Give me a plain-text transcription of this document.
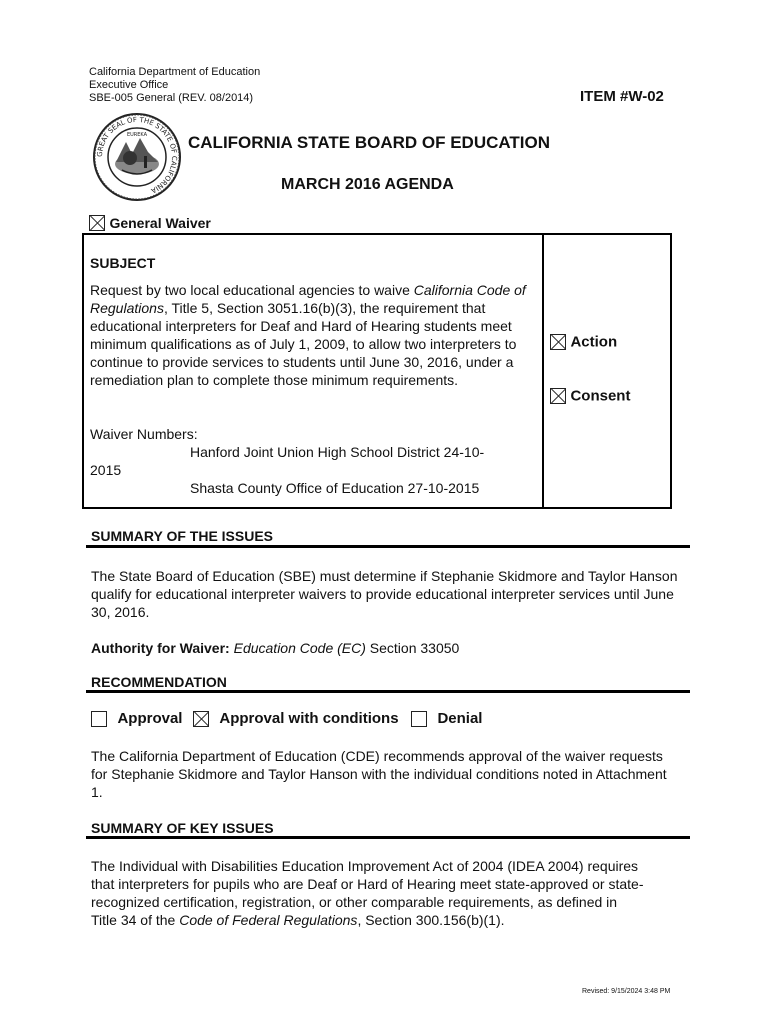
California Department of Education
Executive Office
SBE-005 General (REV. 08/2014)	ITEM #W-02
GREAT SEAL OF THE STATE OF CALIFORNIA
EUREKA CALIFORNIA STATE BOARD OF EDUCATION
MARCH 2016 AGENDA
General Waiver
SUBJECT
Request by two local educational agencies to waive California Code of Regulations, Title 5, Section 3051.16(b)(3), the requirement that educational interpreters for Deaf and Hard of Hearing students meet minimum qualifications as of July 1, 2009, to allow two interpreters to continue to provide services to students until June 30, 2016, under a remediation plan to complete those minimum requirements.
Waiver Numbers:
Hanford Joint Union High School District 24-10-
2015
Shasta County Office of Education 27-10-2015
Action
Consent
SUMMARY OF THE ISSUES
The State Board of Education (SBE) must determine if Stephanie Skidmore and Taylor Hanson qualify for educational interpreter waivers to provide educational interpreter services until June 30, 2016.
Authority for Waiver: Education Code (EC) Section 33050
RECOMMENDATION
Approval Approval with conditions	Denial
The California Department of Education (CDE) recommends approval of the waiver requests for Stephanie Skidmore and Taylor Hanson with the individual conditions noted in Attachment 1.
SUMMARY OF KEY ISSUES
The Individual with Disabilities Education Improvement Act of 2004 (IDEA 2004) requires that interpreters for pupils who are Deaf or Hard of Hearing meet state-approved or state-recognized certification, registration, or other comparable requirements, as defined in Title 34 of the Code of Federal Regulations, Section 300.156(b)(1).
Revised: 9/15/2024 3:48 PM
